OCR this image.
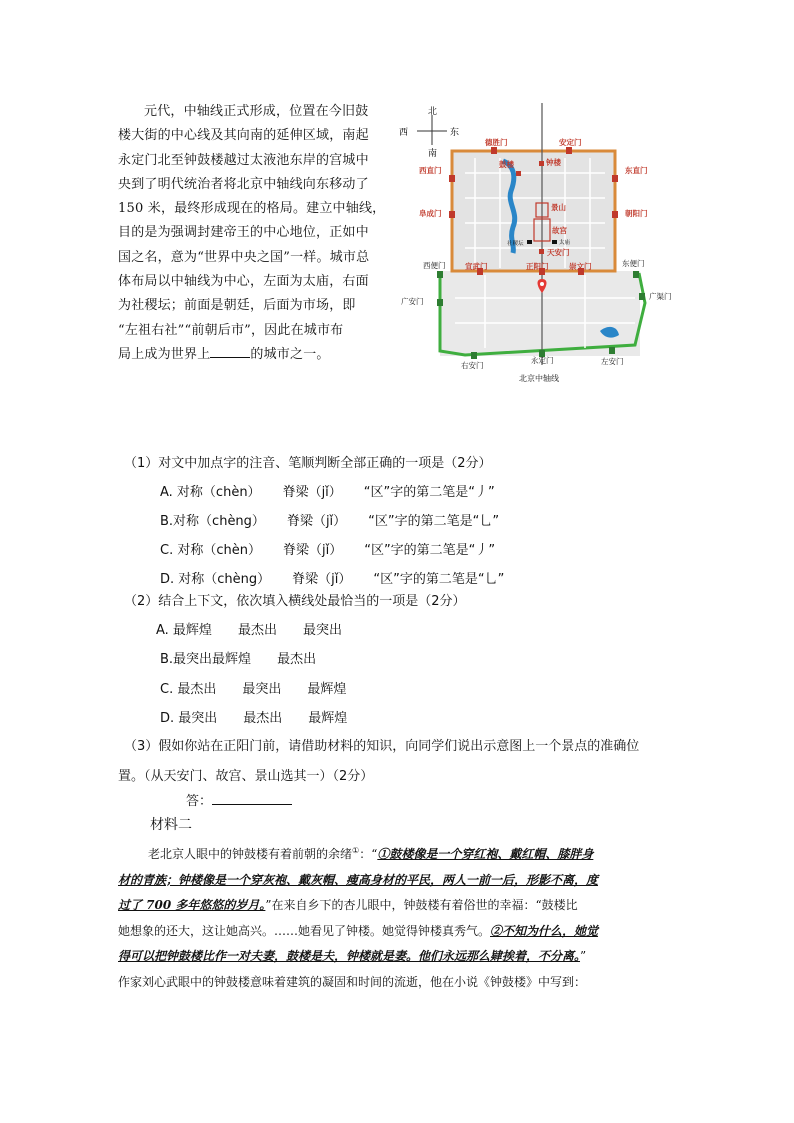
元代，中轴线正式形成，位置在今旧鼓
楼大街的中心线及其向南的延伸区域，南起
永定门北至钟鼓楼越过太液池东岸的宫城中
央到了明代统治者将北京中轴线向东移动了
150 米，最终形成现在的格局。建立中轴线，
目的是为强调封建帝王的中心地位，正如中
国之名，意为“世界中央之国”一样。城市总
体布局以中轴线为中心，左面为太庙，右面
为社稷坛；前面是朝廷，后面为市场，即
“左祖右社”“前朝后市”，因此在城市布
局上成为世界上	的城市之一。
北
南
西	东
德胜门	安定门
西直门	东直门
阜成门	朝阳门
宣武门	正阳门	崇文门
西便门	东便门
广安门
广渠门
右安门
永定门	左安门
鼓楼	钟楼
景山
故宫
天安门
社稷坛	太庙
北京中轴线
（1）对文中加点字的注音、笔顺判断全部正确的一项是（2分）
A. 对称（chèn） 脊梁（jǐ） “区”字的第二笔是“丿”
B.对称（chèng） 脊梁（jǐ） “区”字的第二笔是“乚”
C. 对称（chèn） 脊梁（jǐ） “区”字的第二笔是“丿”
D. 对称（chèng） 脊梁（jǐ） “区”字的第二笔是“乚”
（2）结合上下文，依次填入横线处最恰当的一项是（2分）
A. 最辉煌 最杰出 最突出
B.最突出最辉煌 最杰出
C. 最杰出 最突出 最辉煌
D. 最突出 最杰出 最辉煌
（3）假如你站在正阳门前，请借助材料的知识，向同学们说出示意图上一个景点的准确位
置。（从天安门、故宫、景山选其一）（2分）
答：
材料二
老北京人眼中的钟鼓楼有着前朝的余绪①：“①鼓楼像是一个穿红袍、戴红帽、膝胖身
材的青族；钟楼像是一个穿灰袍、戴灰帽、瘦高身材的平民，两人一前一后，形影不离，度
过了 700 多年悠悠的岁月。”在来自乡下的杏儿眼中，钟鼓楼有着俗世的幸福：“鼓楼比
她想象的还大，这让她高兴。……她看见了钟楼。她觉得钟楼真秀气。②不知为什么，她觉
得可以把钟鼓楼比作一对夫妻，鼓楼是夫，钟楼就是妻。他们永远那么肄挨着，不分离。”
作家刘心武眼中的钟鼓楼意味着建筑的凝固和时间的流逝，他在小说《钟鼓楼》中写到：
